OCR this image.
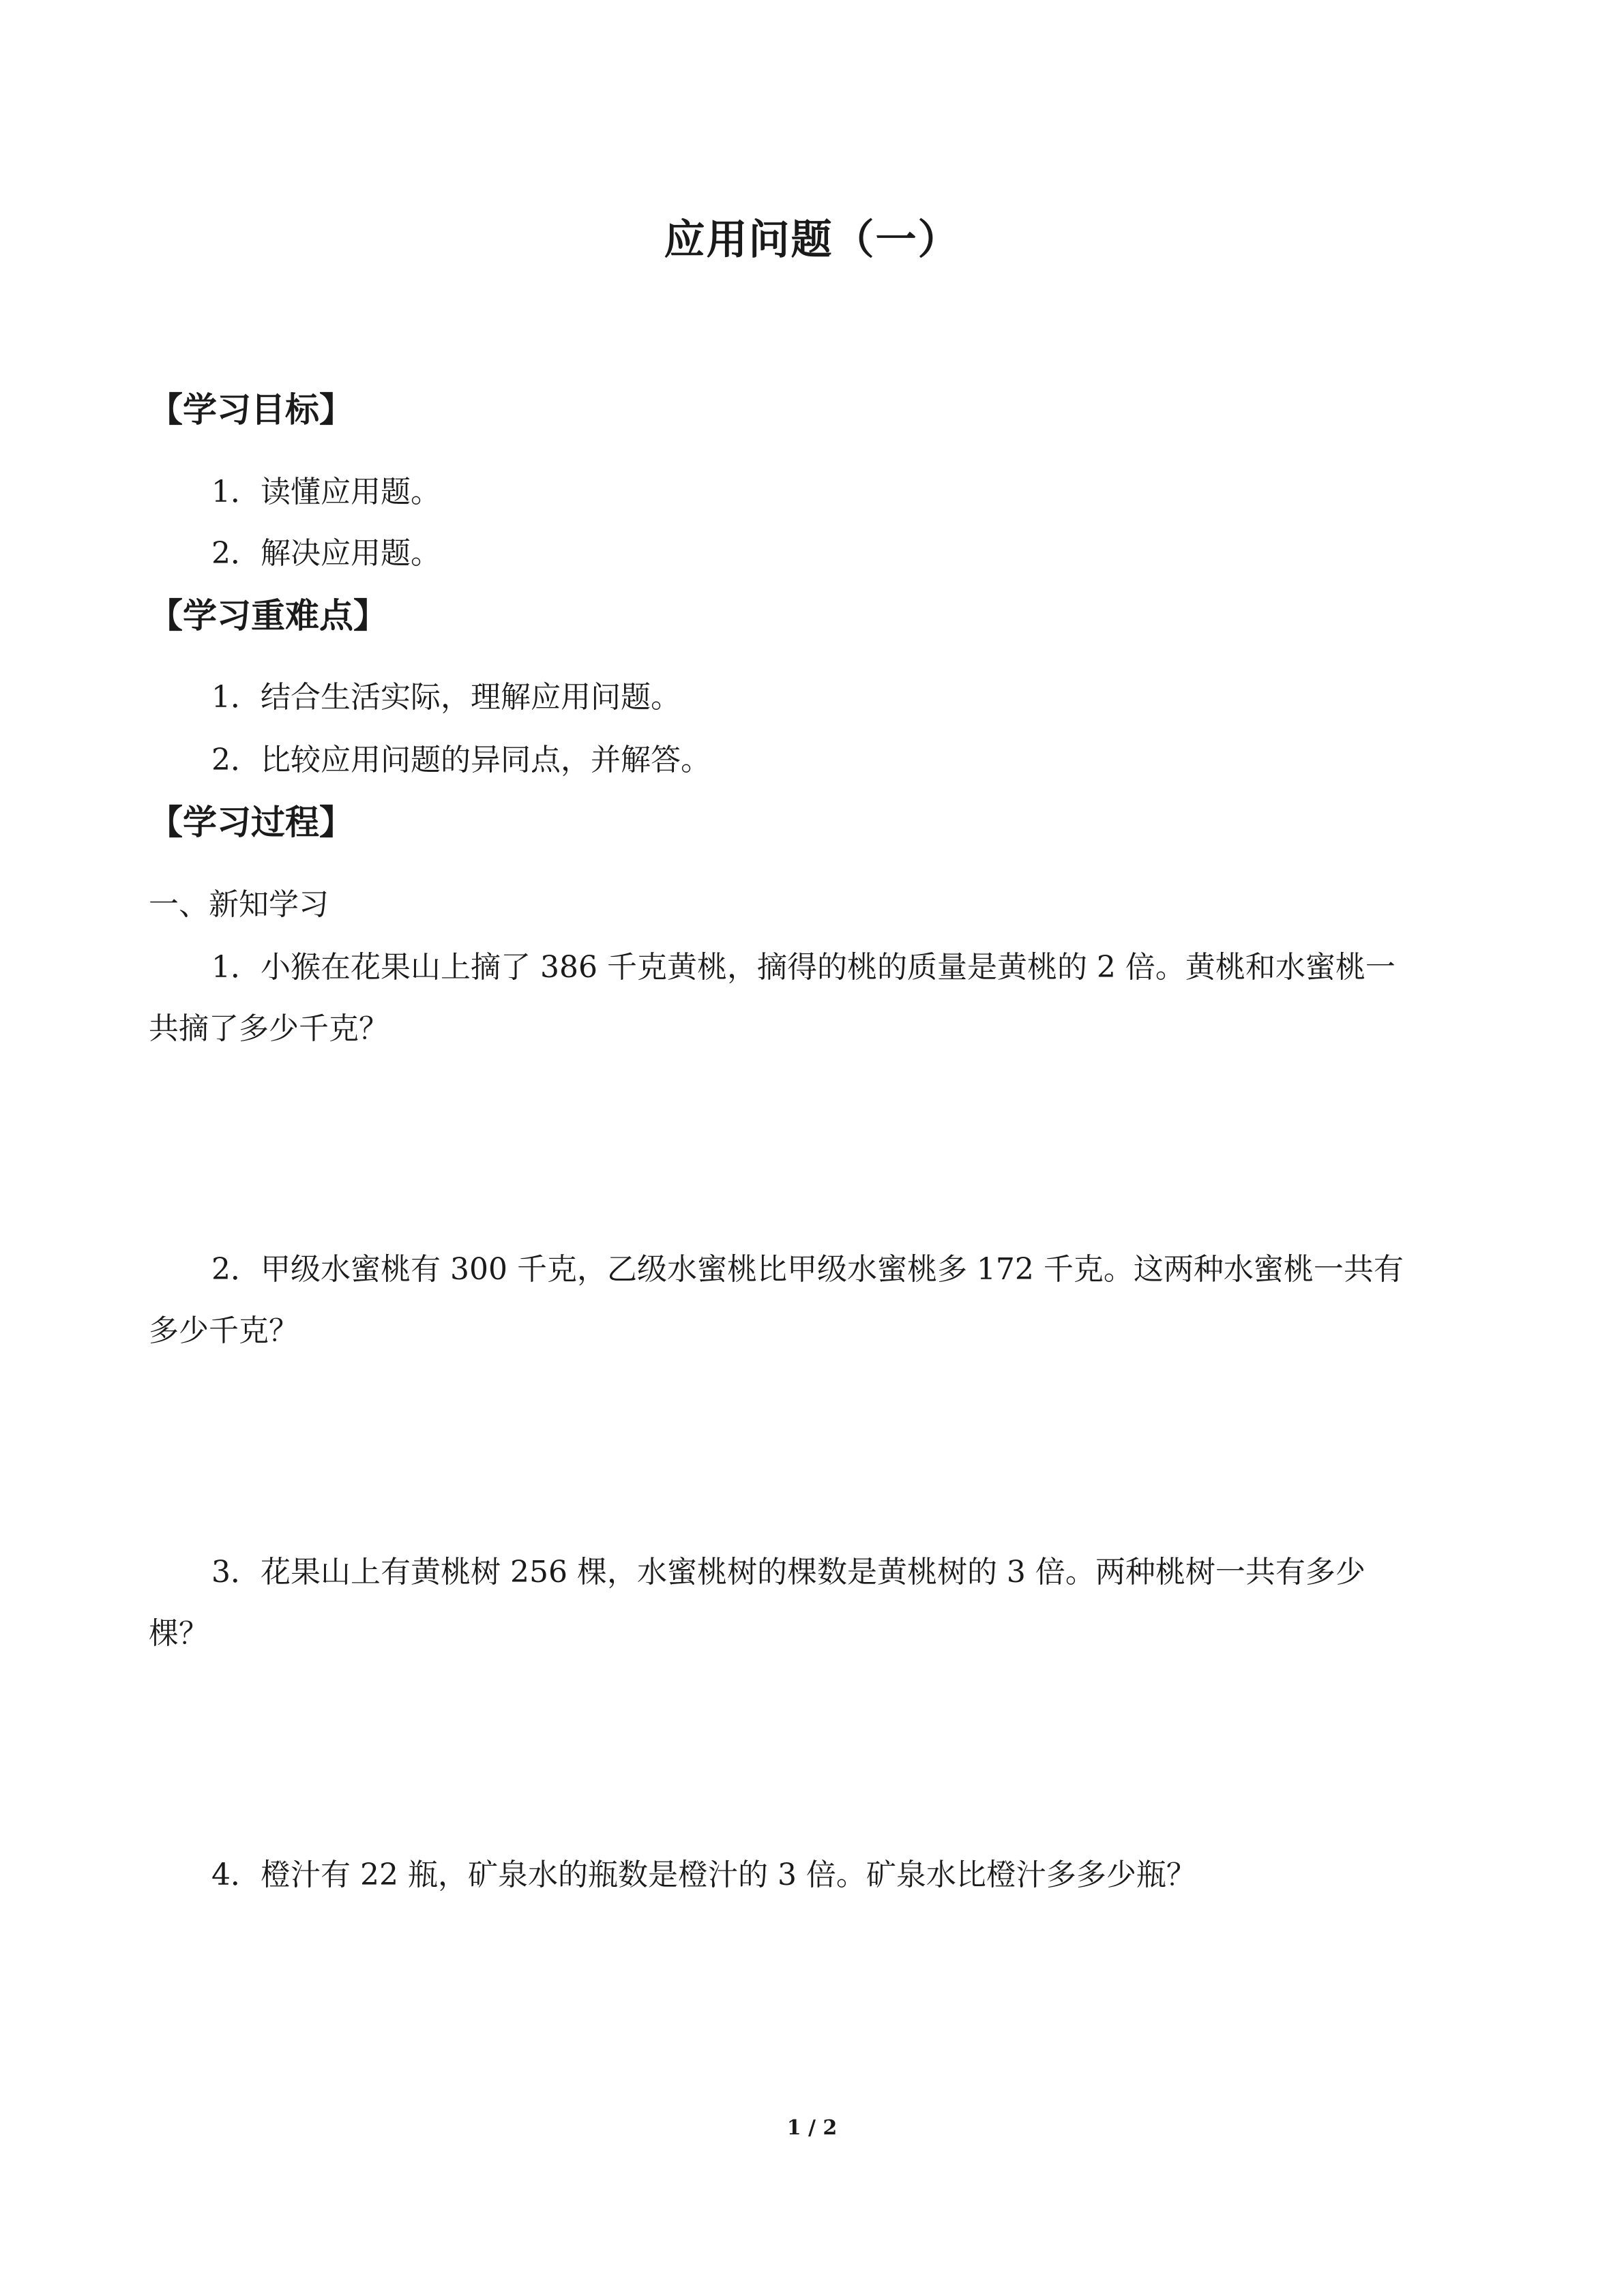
应用问题（一）
【学习目标】
1．读懂应用题。
2．解决应用题。
【学习重难点】
1．结合生活实际，理解应用问题。
2．比较应用问题的异同点，并解答。
【学习过程】
一、新知学习
1．小猴在花果山上摘了 386 千克黄桃，摘得的桃的质量是黄桃的 2 倍。黄桃和水蜜桃一
共摘了多少千克？
2．甲级水蜜桃有 300 千克，乙级水蜜桃比甲级水蜜桃多 172 千克。这两种水蜜桃一共有
多少千克？
3．花果山上有黄桃树 256 棵，水蜜桃树的棵数是黄桃树的 3 倍。两种桃树一共有多少
棵？
4．橙汁有 22 瓶，矿泉水的瓶数是橙汁的 3 倍。矿泉水比橙汁多多少瓶？
1 / 2
